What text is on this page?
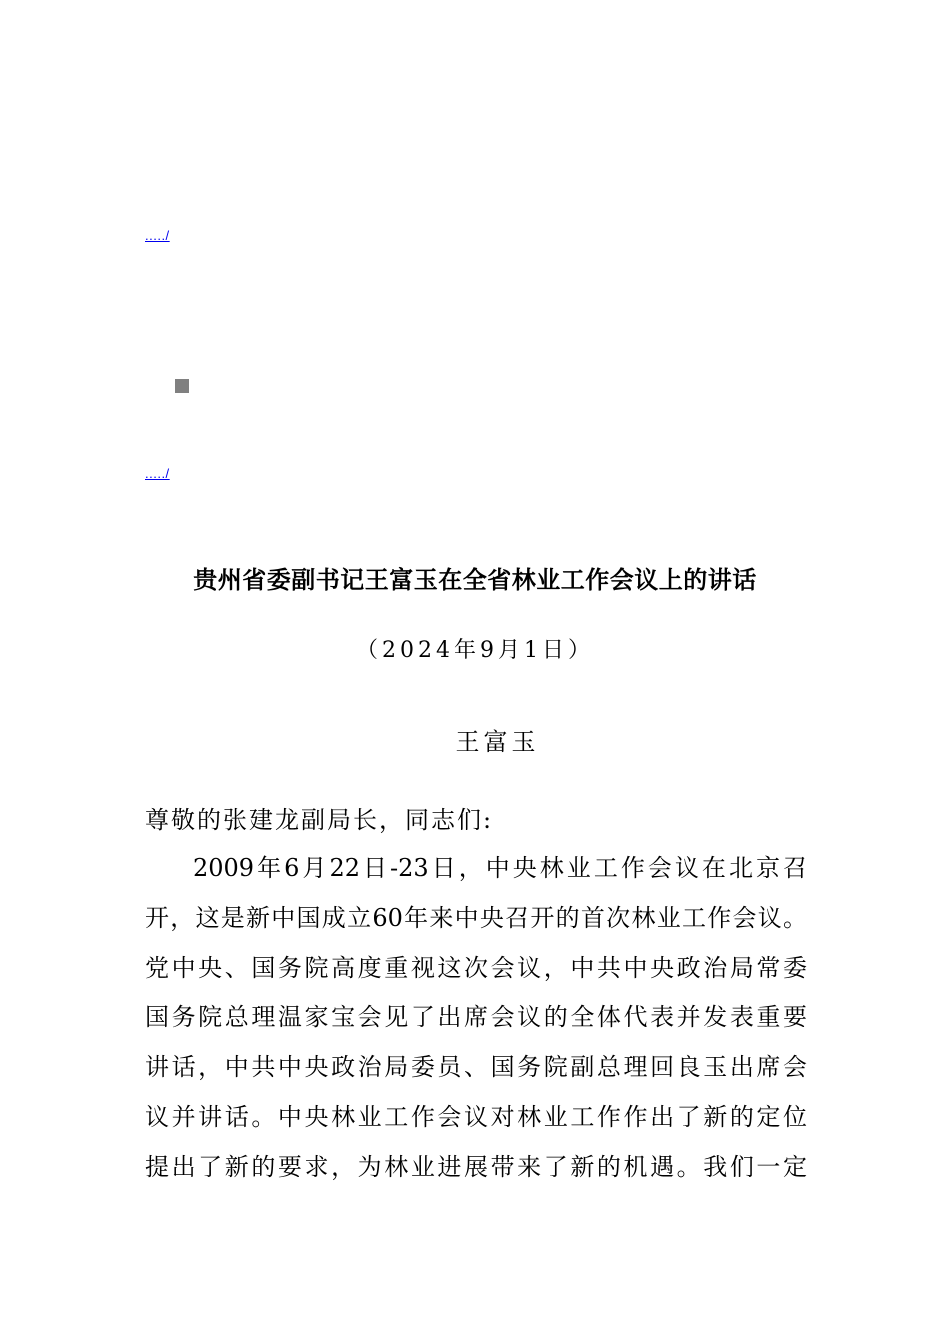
...../
...../
贵州省委副书记王富玉在全省林业工作会议上的讲话
（2024年9月1日）
王富玉
尊敬的张建龙副局长，同志们:
2009年6月22日-23日，中央林业工作会议在北京召
开，这是新中国成立60年来中央召开的首次林业工作会议。
党中央、国务院高度重视这次会议，中共中央政治局常委
国务院总理温家宝会见了出席会议的全体代表并发表重要
讲话，中共中央政治局委员、国务院副总理回良玉出席会
议并讲话。中央林业工作会议对林业工作作出了新的定位
提出了新的要求，为林业进展带来了新的机遇。我们一定
